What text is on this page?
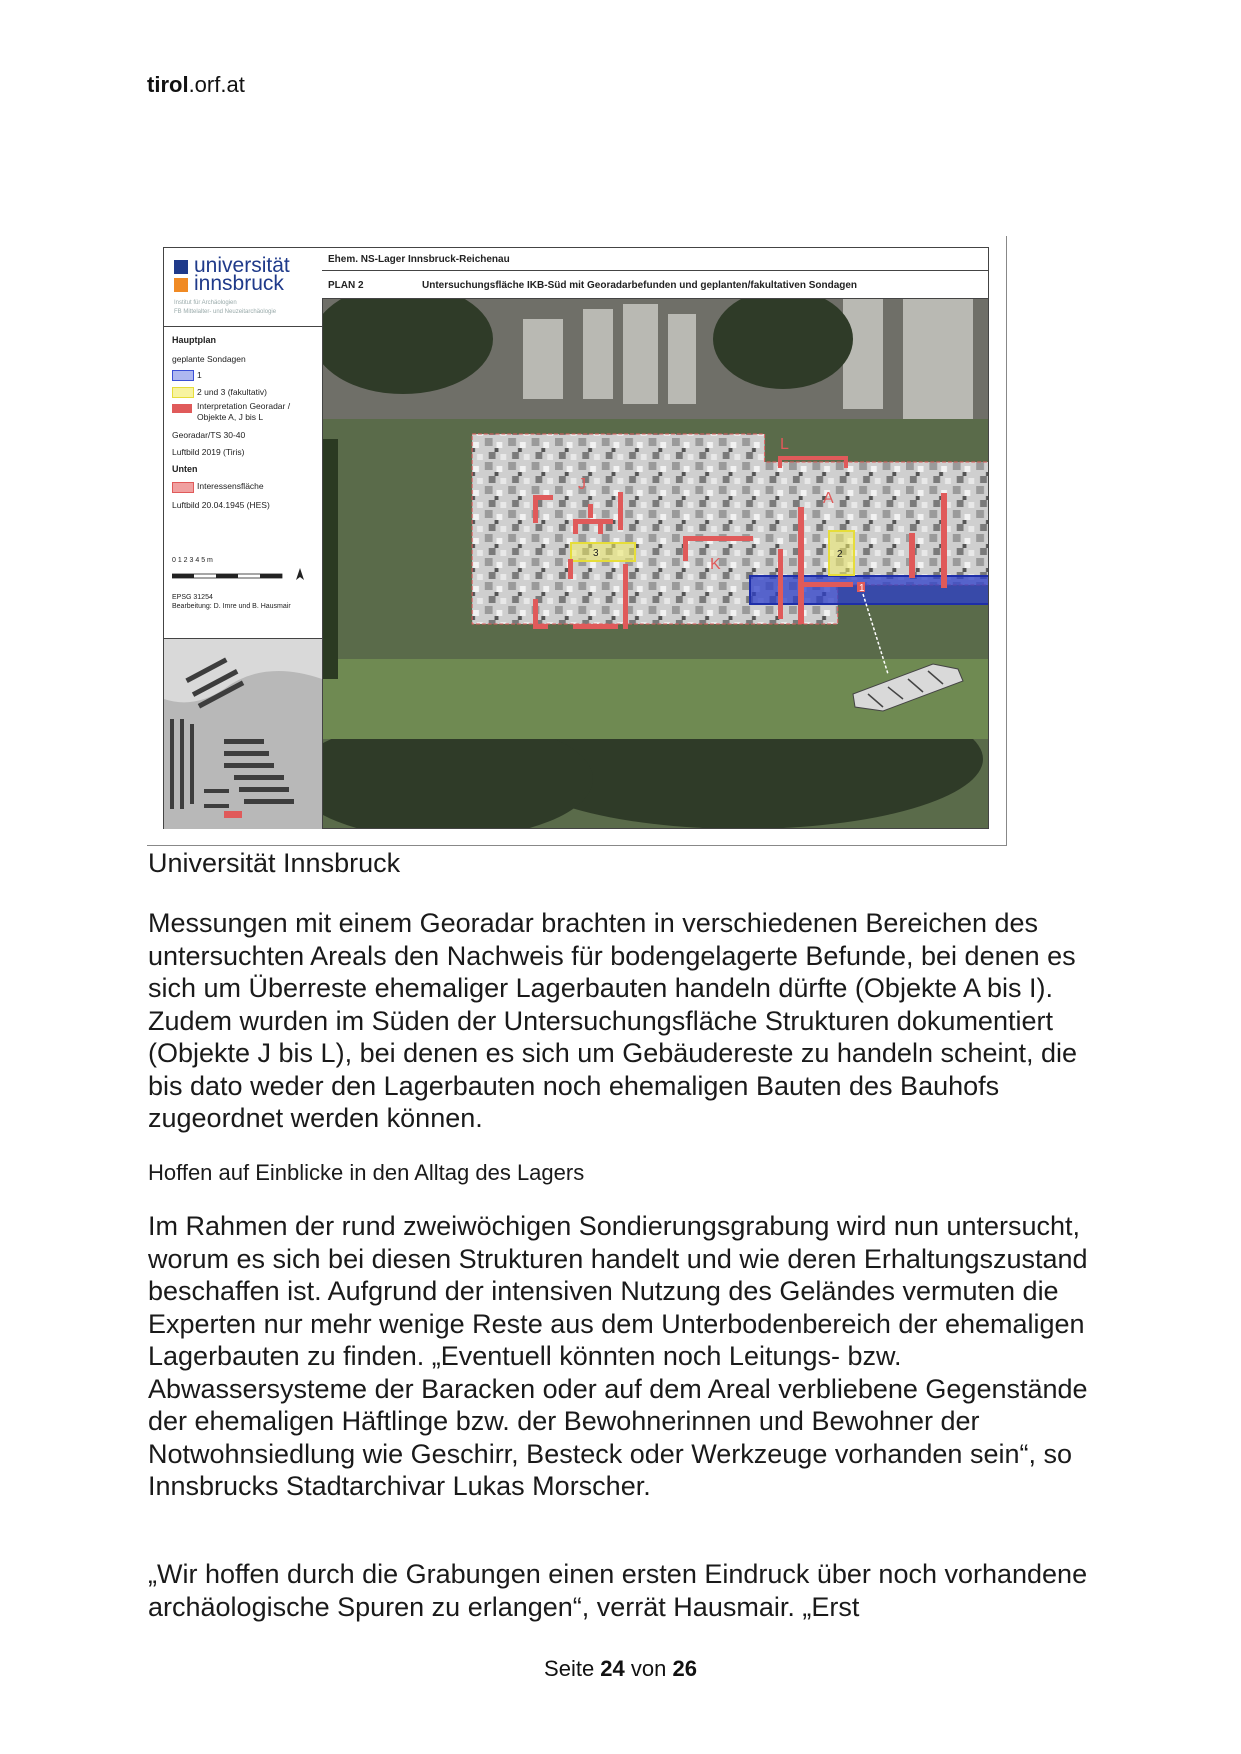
tirol.orf.at
universität
innsbruck
Institut für Archäologien
FB Mittelalter- und Neuzeitarchäologie
Hauptplan
geplante Sondagen
1
2 und 3 (fakultativ)
Interpretation Georadar /
Objekte A, J bis L
Georadar/TS 30-40
Luftbild 2019 (Tiris)
Unten
Interessensfläche
Luftbild 20.04.1945 (HES)
0 1 2 3 4 5 m
EPSG 31254
Bearbeitung: D. Imre und B. Hausmair
Ehem. NS-Lager Innsbruck-Reichenau
PLAN 2	Untersuchungsfläche IKB-Süd mit Georadarbefunden und geplanten/fakultativen Sondagen
L
A
J
K
3	2
1
Universität Innsbruck

Messungen mit einem Georadar brachten in verschiedenen Bereichen des untersuchten Areals den Nachweis für bodengelagerte Befunde, bei denen es sich um Überreste ehemaliger Lagerbauten handeln dürfte (Objekte A bis I). Zudem wurden im Süden der Untersuchungsfläche Strukturen dokumentiert (Objekte J bis L), bei denen es sich um Gebäudereste zu handeln scheint, die bis dato weder den Lagerbauten noch ehemaligen Bauten des Bauhofs zugeordnet werden können.

Hoffen auf Einblicke in den Alltag des Lagers

Im Rahmen der rund zweiwöchigen Sondierungsgrabung wird nun untersucht, worum es sich bei diesen Strukturen handelt und wie deren Erhaltungszustand beschaffen ist. Aufgrund der intensiven Nutzung des Geländes vermuten die Experten nur mehr wenige Reste aus dem Unterbodenbereich der ehemaligen Lagerbauten zu finden. „Eventuell könnten noch Leitungs- bzw. Abwassersysteme der Baracken oder auf dem Areal verbliebene Gegenstände der ehemaligen Häftlinge bzw. der Bewohnerinnen und Bewohner der Notwohnsiedlung wie Geschirr, Besteck oder Werkzeuge vorhanden sein“, so Innsbrucks Stadtarchivar Lukas Morscher.

„Wir hoffen durch die Grabungen einen ersten Eindruck über noch vorhandene archäologische Spuren zu erlangen“, verrät Hausmair. „Erst

Seite 24 von 26
